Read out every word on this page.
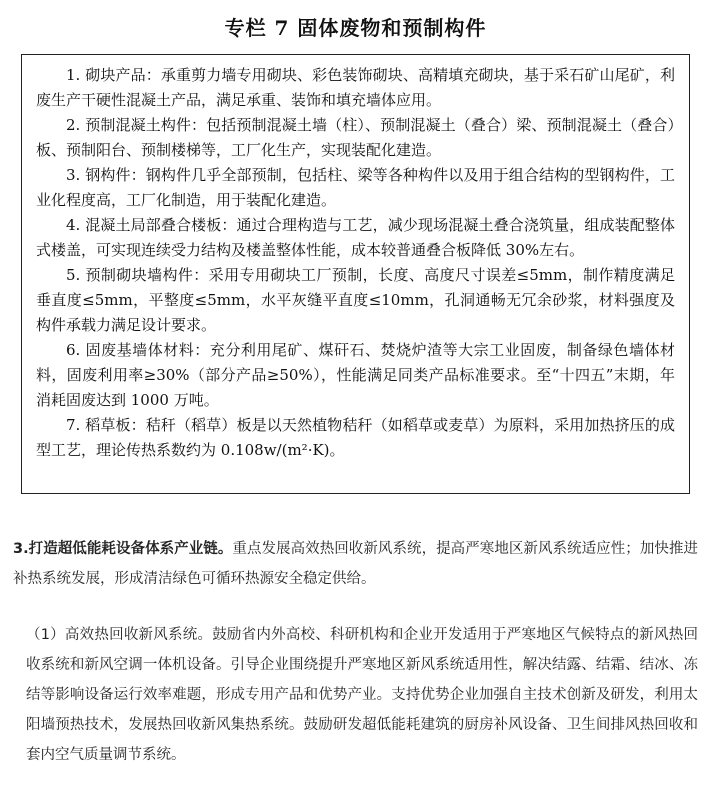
专栏 7 固体废物和预制构件

1. 砌块产品：承重剪力墙专用砌块、彩色装饰砌块、高精填充砌块，基于采石矿山尾矿，利废生产干硬性混凝土产品，满足承重、装饰和填充墙体应用。

2. 预制混凝土构件：包括预制混凝土墙（柱）、预制混凝土（叠合）梁、预制混凝土（叠合）板、预制阳台、预制楼梯等，工厂化生产，实现装配化建造。

3. 钢构件：钢构件几乎全部预制，包括柱、梁等各种构件以及用于组合结构的型钢构件，工业化程度高，工厂化制造，用于装配化建造。

4. 混凝土局部叠合楼板：通过合理构造与工艺，减少现场混凝土叠合浇筑量，组成装配整体式楼盖，可实现连续受力结构及楼盖整体性能，成本较普通叠合板降低 30%左右。

5. 预制砌块墙构件：采用专用砌块工厂预制，长度、高度尺寸误差≤5mm，制作精度满足垂直度≤5mm，平整度≤5mm，水平灰缝平直度≤10mm，孔洞通畅无冗余砂浆，材料强度及构件承载力满足设计要求。

6. 固废基墙体材料：充分利用尾矿、煤矸石、焚烧炉渣等大宗工业固废，制备绿色墙体材料，固废利用率≥30%（部分产品≥50%），性能满足同类产品标准要求。至“十四五”末期，年消耗固废达到 1000 万吨。

7. 稻草板：秸秆（稻草）板是以天然植物秸秆（如稻草或麦草）为原料，采用加热挤压的成型工艺，理论传热系数约为 0.108w/(m²·K)。

3.打造超低能耗设备体系产业链。重点发展高效热回收新风系统，提高严寒地区新风系统适应性；加快推进补热系统发展，形成清洁绿色可循环热源安全稳定供给。
（1）高效热回收新风系统。鼓励省内外高校、科研机构和企业开发适用于严寒地区气候特点的新风热回收系统和新风空调一体机设备。引导企业围绕提升严寒地区新风系统适用性，解决结露、结霜、结冰、冻结等影响设备运行效率难题，形成专用产品和优势产业。支持优势企业加强自主技术创新及研发，利用太阳墙预热技术，发展热回收新风集热系统。鼓励研发超低能耗建筑的厨房补风设备、卫生间排风热回收和套内空气质量调节系统。
